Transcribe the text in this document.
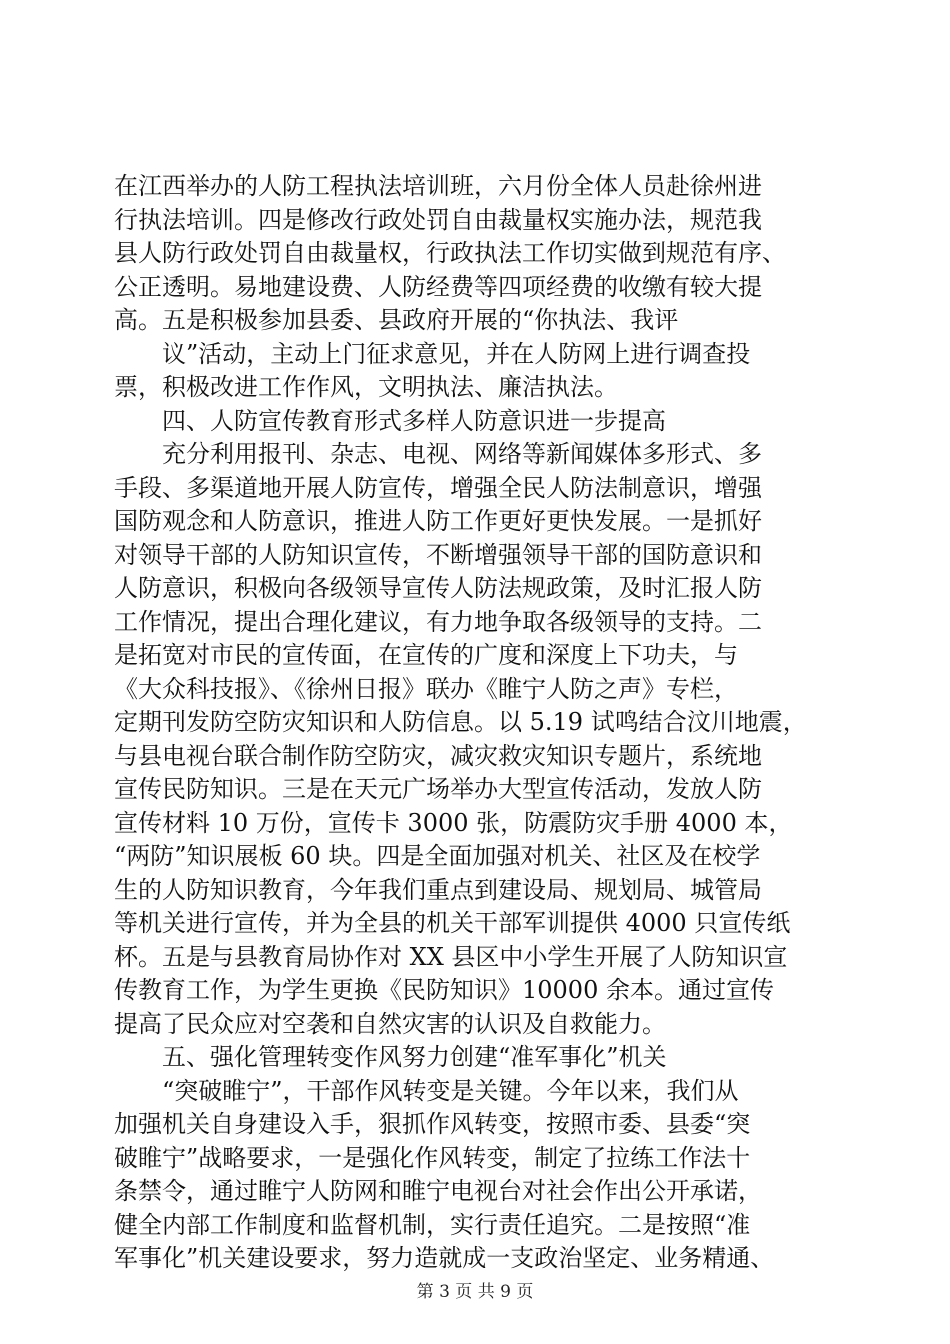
在江西举办的人防工程执法培训班，六月份全体人员赴徐州进
行执法培训。四是修改行政处罚自由裁量权实施办法，规范我
县人防行政处罚自由裁量权，行政执法工作切实做到规范有序、
公正透明。易地建设费、人防经费等四项经费的收缴有较大提
高。五是积极参加县委、县政府开展的“你执法、我评
议”活动，主动上门征求意见，并在人防网上进行调查投
票，积极改进工作作风，文明执法、廉洁执法。
四、人防宣传教育形式多样人防意识进一步提高
充分利用报刊、杂志、电视、网络等新闻媒体多形式、多
手段、多渠道地开展人防宣传，增强全民人防法制意识，增强
国防观念和人防意识，推进人防工作更好更快发展。一是抓好
对领导干部的人防知识宣传，不断增强领导干部的国防意识和
人防意识，积极向各级领导宣传人防法规政策，及时汇报人防
工作情况，提出合理化建议，有力地争取各级领导的支持。二
是拓宽对市民的宣传面，在宣传的广度和深度上下功夫，与
《大众科技报》、《徐州日报》联办《睢宁人防之声》专栏，
定期刊发防空防灾知识和人防信息。以 5.19 试鸣结合汶川地震，
与县电视台联合制作防空防灾，减灾救灾知识专题片，系统地
宣传民防知识。三是在天元广场举办大型宣传活动，发放人防
宣传材料 10 万份，宣传卡 3000 张，防震防灾手册 4000 本，
“两防”知识展板 60 块。四是全面加强对机关、社区及在校学
生的人防知识教育，今年我们重点到建设局、规划局、城管局
等机关进行宣传，并为全县的机关干部军训提供 4000 只宣传纸
杯。五是与县教育局协作对 XX 县区中小学生开展了人防知识宣
传教育工作，为学生更换《民防知识》10000 余本。通过宣传
提高了民众应对空袭和自然灾害的认识及自救能力。
五、强化管理转变作风努力创建“准军事化”机关
“突破睢宁”，干部作风转变是关键。今年以来，我们从
加强机关自身建设入手，狠抓作风转变，按照市委、县委“突
破睢宁”战略要求，一是强化作风转变，制定了拉练工作法十
条禁令，通过睢宁人防网和睢宁电视台对社会作出公开承诺，
健全内部工作制度和监督机制，实行责任追究。二是按照“准
军事化”机关建设要求，努力造就成一支政治坚定、业务精通、
第 3 页 共 9 页
